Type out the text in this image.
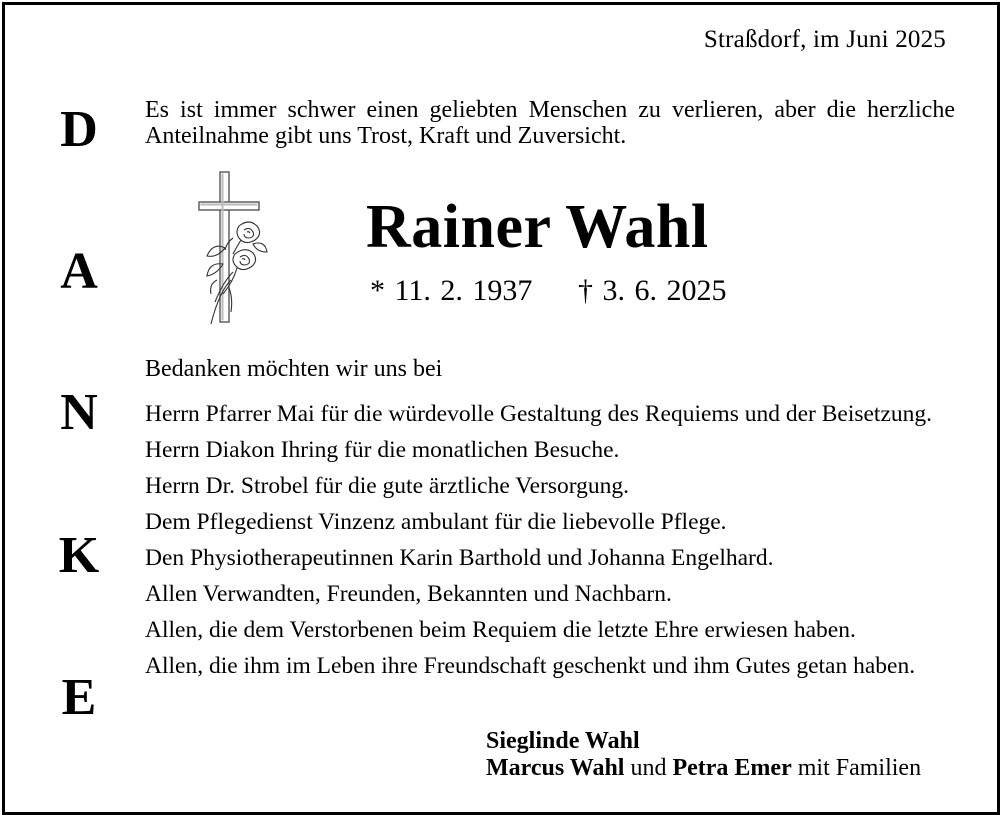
Straßdorf, im Juni 2025
D
A
N
K
E
Es ist immer schwer einen geliebten Menschen zu verlieren, aber die herzliche Anteilnahme gibt uns Trost, Kraft und Zuversicht.
Rainer Wahl
* 11. 2. 1937 † 3. 6. 2025
Bedanken möchten wir uns bei
Herrn Pfarrer Mai für die würdevolle Gestaltung des Requiems und der Beisetzung.
Herrn Diakon Ihring für die monatlichen Besuche.
Herrn Dr. Strobel für die gute ärztliche Versorgung.
Dem Pflegedienst Vinzenz ambulant für die liebevolle Pflege.
Den Physiotherapeutinnen Karin Barthold und Johanna Engelhard.
Allen Verwandten, Freunden, Bekannten und Nachbarn.
Allen, die dem Verstorbenen beim Requiem die letzte Ehre erwiesen haben.
Allen, die ihm im Leben ihre Freundschaft geschenkt und ihm Gutes getan haben.
Sieglinde Wahl
Marcus Wahl und Petra Emer mit Familien
